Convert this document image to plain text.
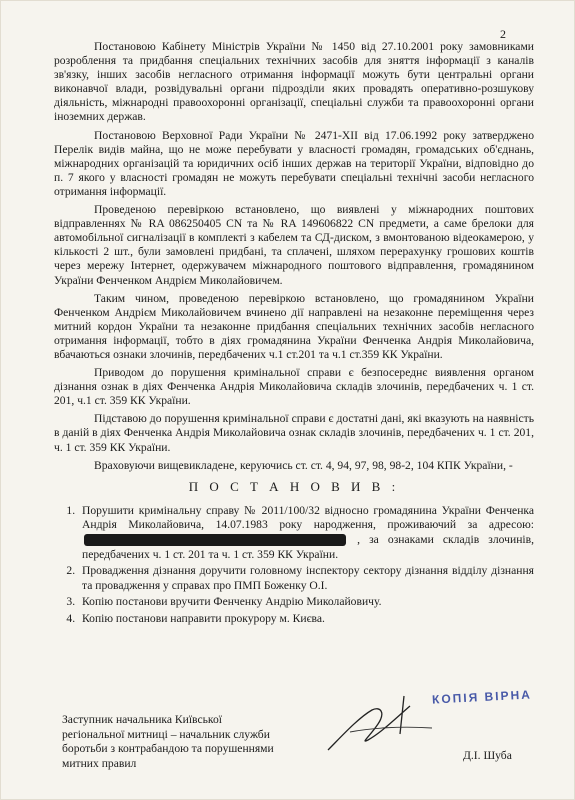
2

Постановою Кабінету Міністрів України № 1450 від 27.10.2001 року замовниками розроблення та придбання спеціальних технічних засобів для зняття інформації з каналів зв'язку, інших засобів негласного отримання інформації можуть бути центральні органи виконавчої влади, розвідувальні органи підрозділи яких провадять оперативно-розшукову діяльність, міжнародні правоохоронні організації, спеціальні служби та правоохоронні органи іноземних держав.

Постановою Верховної Ради України № 2471-XII від 17.06.1992 року затверджено Перелік видів майна, що не може перебувати у власності громадян, громадських об'єднань, міжнародних організацій та юридичних осіб інших держав на території України, відповідно до п. 7 якого у власності громадян не можуть перебувати спеціальні технічні засоби негласного отримання інформації.

Проведеною перевіркою встановлено, що виявлені у міжнародних поштових відправленнях № RA 086250405 CN та № RA 149606822 CN предмети, а саме брелоки для автомобільної сигналізації в комплекті з кабелем та СД-диском, з вмонтованою відеокамерою, у кількості 2 шт., були замовлені придбані, та сплачені, шляхом перерахунку грошових коштів через мережу Інтернет, одержувачем міжнародного поштового відправлення, громадянином України Фенченком Андрієм Миколайовичем.

Таким чином, проведеною перевіркою встановлено, що громадянином України Фенченком Андрієм Миколайовичем вчинено дії направлені на незаконне переміщення через митний кордон України та незаконне придбання спеціальних технічних засобів негласного отримання інформації, тобто в діях громадянина України Фенченка Андрія Миколайовича, вбачаються ознаки злочинів, передбачених ч.1 ст.201 та ч.1 ст.359 КК України.

Приводом до порушення кримінальної справи є безпосереднє виявлення органом дізнання ознак в діях Фенченка Андрія Миколайовича складів злочинів, передбачених ч. 1 ст. 201, ч.1 ст. 359 КК України.

Підставою до порушення кримінальної справи є достатні дані, які вказують на наявність в даній в діях Фенченка Андрія Миколайовича ознак складів злочинів, передбачених ч. 1 ст. 201, ч. 1 ст. 359 КК України.

Враховуючи вищевикладене, керуючись ст. ст. 4, 94, 97, 98, 98-2, 104 КПК України, -

П О С Т А Н О В И В :

1. Порушити кримінальну справу № 2011/100/32 відносно громадянина України Фенченка Андрія Миколайовича, 14.07.1983 року народження, проживаючий за адресою:  , за ознаками складів злочинів, передбачених ч. 1 ст. 201 та ч. 1 ст. 359 КК України.
2. Провадження дізнання доручити головному інспектору сектору дізнання відділу дізнання та провадження у справах про ПМП Боженку О.І.
3. Копію постанови вручити Фенченку Андрію Миколайовичу.
4. Копію постанови направити прокурору м. Києва.
КОПІЯ ВІРНА
Заступник начальника Київської регіональної митниці – начальник служби боротьби з контрабандою та порушеннями митних правил
Д.І. Шуба
